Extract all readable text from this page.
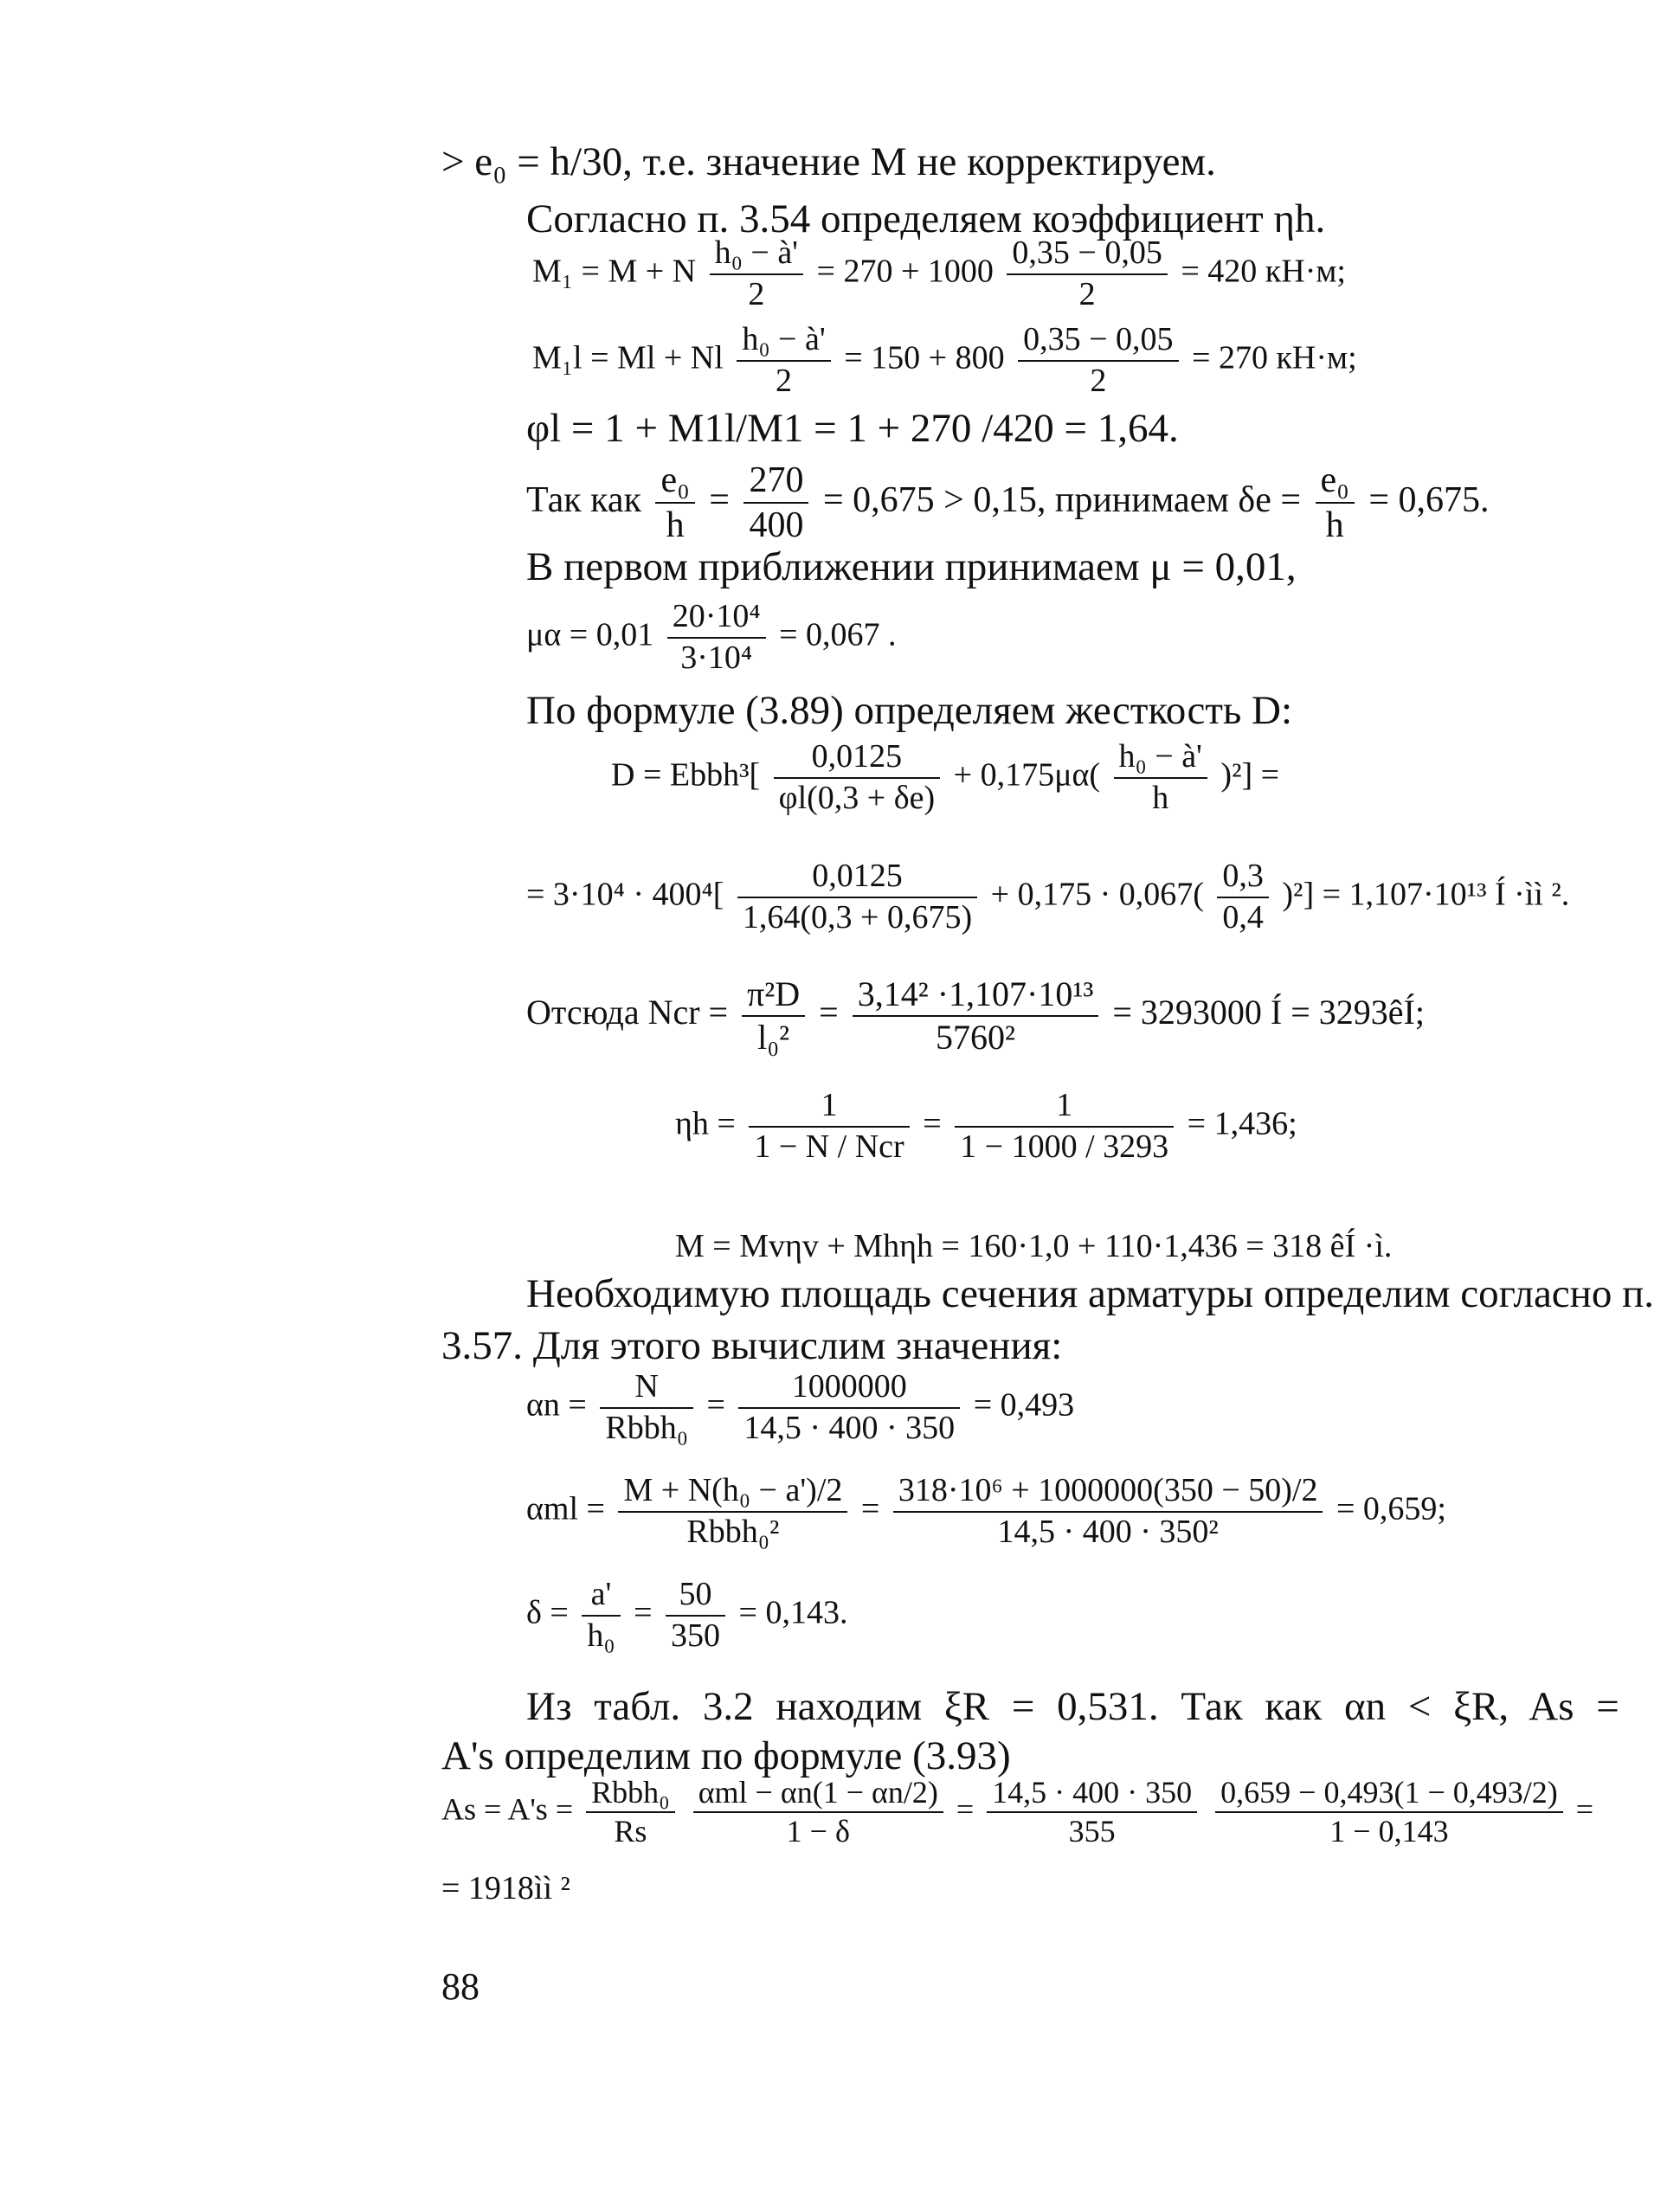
> e₀ = h/30, т.е. значение M не корректируем.
Согласно п. 3.54 определяем коэффициент ηh.
M₁ = M + N $\frac{\text{h₀ − à'}}{2} = 270 + 1000 \frac{0,35 - 0,05}{2} = 420$ кН·м;
M₁l = Ml + Nl $\frac{\text{h₀ − à'}}{2} = 150 + 800 \frac{0,35 - 0,05}{2} = 270$ кН·м;
φl = 1 + M1l/M1 = 1 + 270 /420 = 1,64.
Так как $\frac{\text{e₀}}{h} = \frac{270}{400} = 0,675 > 0,15$, принимаем $\delta e = \frac{\text{e₀}}{h} = 0,675$.
В первом приближении принимаем μ = 0,01,
$\mu\alpha = 0,01 \frac{\text{20·10⁴}}{\text{3·10⁴}} = 0,067$ .
По формуле (3.89) определяем жесткость D:
D = Ebbh³[ $\frac{0,0125}{\varphi l(0,3 + \delta e)} + 0,175\mu\alpha( \frac{\text{h₀ − à'}}{h} )^2$] =
= $3\cdot 10^4 \cdot 400^4[ \frac{0,0125}{1,64(0,3 + 0,675)} + 0,175 \cdot 0,067( \frac{0,3}{0,4} )^2] = 1,107\cdot 10^{13}$ Í ·ìì ².
Отсюда Ncr = $\frac{\text{π²D}}{\text{l₀²}} = \frac{\text{3,14² ·1,107·10¹³}}{\text{5760²}} = 3293000$ Í = 3293êÍ;
ηh =
1
1 − N / Ncr
= $\frac{1}{1 - 1000 / 3293} = 1,436$;
M = Mvηv + Mhηh = 160·1,0 + 110·1,436 = 318 êÍ ·ì.
Необходимую площадь сечения арматуры определим согласно п.
3.57. Для этого вычислим значения:
αn =
N
Rbbh₀
= $\frac{1000000}{14,5 \cdot 400 \cdot 350} = 0,493$
αml =
M + N(h₀ − a')/2
Rbbh₀²
= $\frac{\text{318·10⁶ + 1000000(350 − 50)/2}}{\text{14,5 · 400 · 350²}} = 0,659$;
$\delta = \frac{a'}{\text{h₀}} = \frac{50}{350} = 0,143$.
Из табл. 3.2 находим ξR = 0,531. Так как αn < ξR, As =
A's определим по формуле (3.93)
As = A's = Rbbh₀
Rs

αml − αn(1 − αn/2)
1 − δ
= $\frac{14,5 \cdot 400 \cdot 350}{355}$
$\frac{0,659 - 0,493(1 - 0,493/2)}{1 - 0,143}$ =
= 1918ìì ²
88
